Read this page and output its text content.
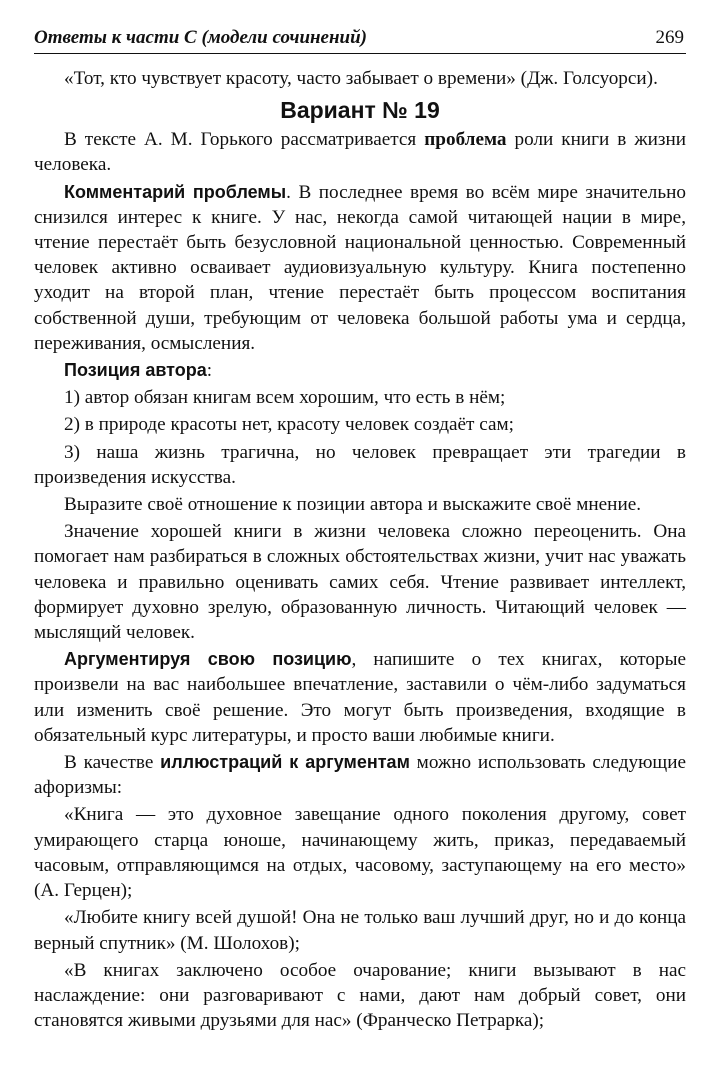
Ответы к части С (модели сочинений)	269

«Тот, кто чувствует красоту, часто забывает о времени» (Дж. Голсуорси).

Вариант № 19

В тексте А. М. Горького рассматривается проблема роли книги в жизни человека.

Комментарий проблемы. В последнее время во всём мире значительно снизился интерес к книге. У нас, некогда самой читающей нации в мире, чтение перестаёт быть безусловной национальной ценностью. Современный человек активно осваивает аудиовизуальную культуру. Книга постепенно уходит на второй план, чтение перестаёт быть процессом воспитания собственной души, требующим от человека большой работы ума и сердца, переживания, осмысления.

Позиция автора:

1) автор обязан книгам всем хорошим, что есть в нём;

2) в природе красоты нет, красоту человек создаёт сам;

3) наша жизнь трагична, но человек превращает эти трагедии в произведения искусства.

Выразите своё отношение к позиции автора и выскажите своё мнение.

Значение хорошей книги в жизни человека сложно переоценить. Она помогает нам разбираться в сложных обстоятельствах жизни, учит нас уважать человека и правильно оценивать самих себя. Чтение развивает интеллект, формирует духовно зрелую, образованную личность. Читающий человек — мыслящий человек.

Аргументируя свою позицию, напишите о тех книгах, которые произвели на вас наибольшее впечатление, заставили о чём-либо задуматься или изменить своё решение. Это могут быть произведения, входящие в обязательный курс литературы, и просто ваши любимые книги.

В качестве иллюстраций к аргументам можно использовать следующие афоризмы:

«Книга — это духовное завещание одного поколения другому, совет умирающего старца юноше, начинающему жить, приказ, передаваемый часовым, отправляющимся на отдых, часовому, заступающему на его место» (А. Герцен);

«Любите книгу всей душой! Она не только ваш лучший друг, но и до конца верный спутник» (М. Шолохов);

«В книгах заключено особое очарование; книги вызывают в нас наслаждение: они разговаривают с нами, дают нам добрый совет, они становятся живыми друзьями для нас» (Франческо Петрарка);
